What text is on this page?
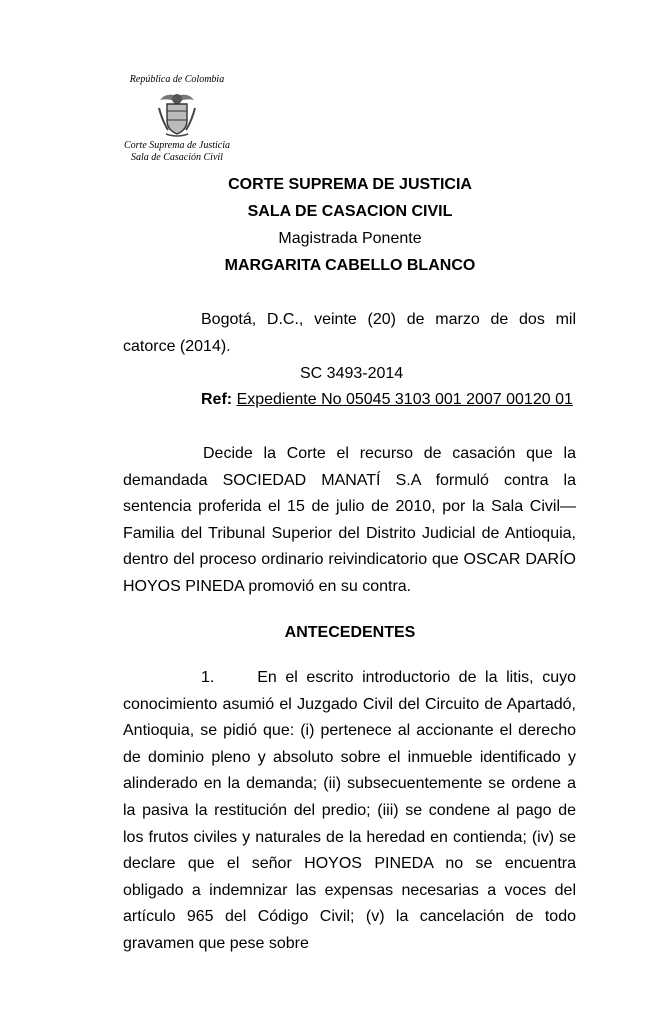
República de Colombia
Corte Suprema de Justicia
Sala de Casación Civil
CORTE SUPREMA DE JUSTICIA
SALA DE CASACION CIVIL
Magistrada Ponente
MARGARITA CABELLO BLANCO
Bogotá, D.C., veinte (20) de marzo de dos mil catorce (2014).
SC 3493-2014
Ref: Expediente No 05045 3103 001 2007 00120 01
Decide la Corte el recurso de casación que la demandada SOCIEDAD MANATÍ S.A formuló contra la sentencia proferida el 15 de julio de 2010, por la Sala Civil—Familia del Tribunal Superior del Distrito Judicial de Antioquia, dentro del proceso ordinario reivindicatorio que OSCAR DARÍO HOYOS PINEDA promovió en su contra.
ANTECEDENTES
1.	En el escrito introductorio de la litis, cuyo conocimiento asumió el Juzgado Civil del Circuito de Apartadó, Antioquia, se pidió que: (i) pertenece al accionante el derecho de dominio pleno y absoluto sobre el inmueble identificado y alinderado en la demanda; (ii) subsecuentemente se ordene a la pasiva la restitución del predio; (iii) se condene al pago de los frutos civiles y naturales de la heredad en contienda; (iv) se declare que el señor HOYOS PINEDA no se encuentra obligado a indemnizar las expensas necesarias a voces del artículo 965 del Código Civil; (v) la cancelación de todo gravamen que pese sobre
